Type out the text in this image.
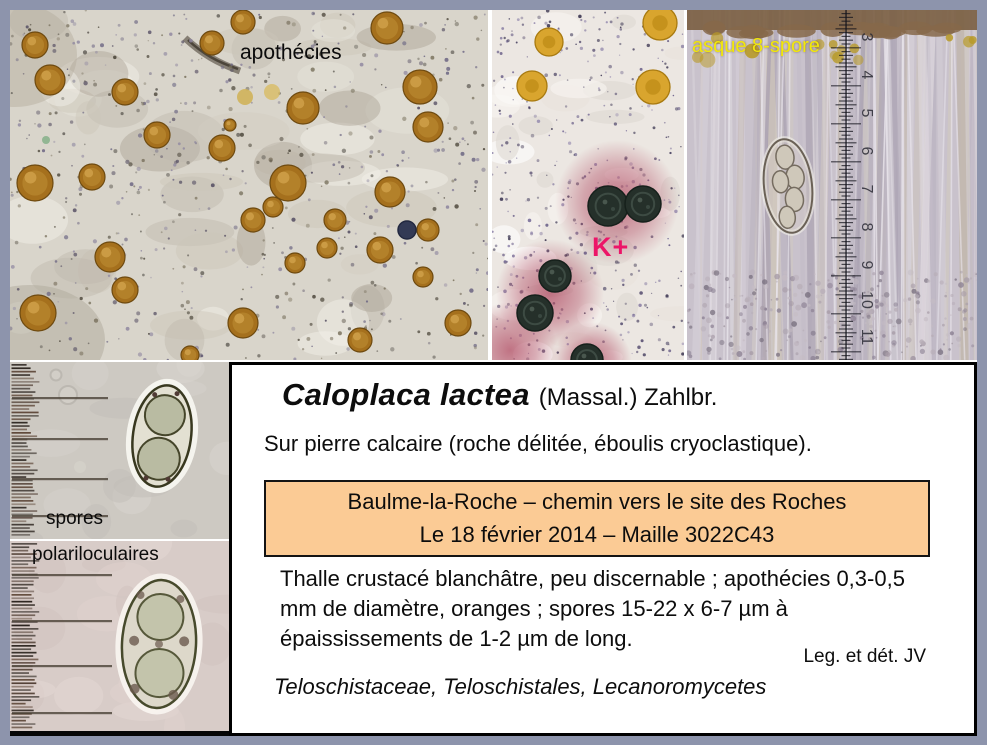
apothécies
K+
asque 8-spore 3
4
5
6
7
8
9
10
11
spores
polariloculaires
Caloplaca lactea (Massal.) Zahlbr.
Sur pierre calcaire (roche délitée, éboulis cryoclastique).
Baulme-la-Roche – chemin vers le site des Roches
Le 18 février 2014 – Maille 3022C43
Thalle crustacé blanchâtre, peu discernable ; apothécies 0,3-0,5 mm de diamètre, oranges ; spores 15-22 x 6-7 µm à épaississements de 1-2 µm de long.
Leg. et dét. JV
Teloschistaceae, Teloschistales, Lecanoromycetes
